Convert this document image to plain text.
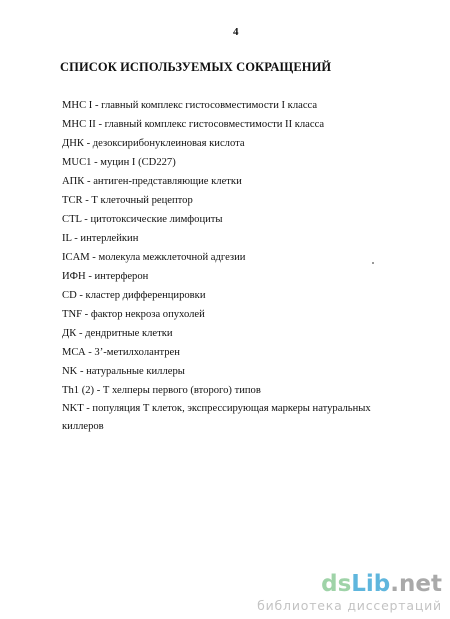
4
СПИСОК ИСПОЛЬЗУЕМЫХ СОКРАЩЕНИЙ
МНС I - главный комплекс гистосовместимости I класса
МНС II - главный комплекс гистосовместимости II класса
ДНК - дезоксирибонуклеиновая кислота
MUC1 - муцин I (CD227)
АПК - антиген-представляющие клетки
TCR - Т клеточный рецептор
CTL - цитотоксические лимфоциты
IL - интерлейкин
ICAM - молекула межклеточной адгезии
ИФН - интерферон
CD - кластер дифференцировки
TNF - фактор некроза опухолей
ДК - дендритные клетки
МСА - 3’-метилхолантрен
NK - натуральные киллеры
Th1 (2) - Т хелперы первого (второго) типов
NKT - популяция Т клеток, экспрессирующая маркеры натуральных киллеров
dsLib.net
библиотека диссертаций
